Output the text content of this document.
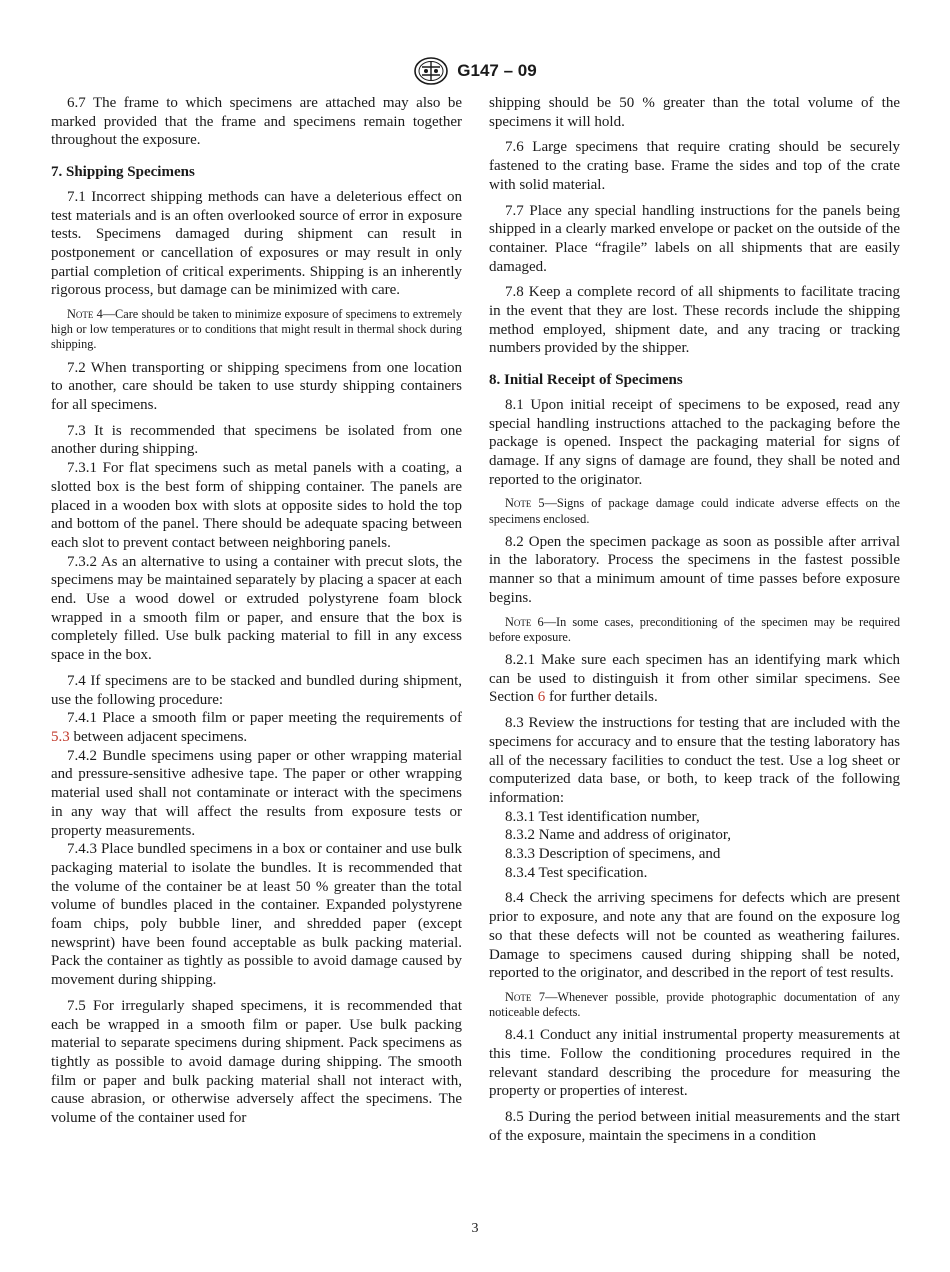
G147 – 09

6.7 The frame to which specimens are attached may also be marked provided that the frame and specimens remain together throughout the exposure.

7. Shipping Specimens

7.1 Incorrect shipping methods can have a deleterious effect on test materials and is an often overlooked source of error in exposure tests. Specimens damaged during shipment can result in postponement or cancellation of exposures or may result in only partial completion of critical experiments. Shipping is an inherently rigorous process, but damage can be minimized with care.

Note 4—Care should be taken to minimize exposure of specimens to extremely high or low temperatures or to conditions that might result in thermal shock during shipping.

7.2 When transporting or shipping specimens from one location to another, care should be taken to use sturdy shipping containers for all specimens.

7.3 It is recommended that specimens be isolated from one another during shipping.

7.3.1 For flat specimens such as metal panels with a coating, a slotted box is the best form of shipping container. The panels are placed in a wooden box with slots at opposite sides to hold the top and bottom of the panel. There should be adequate spacing between each slot to prevent contact between neighboring panels.

7.3.2 As an alternative to using a container with precut slots, the specimens may be maintained separately by placing a spacer at each end. Use a wood dowel or extruded polystyrene foam block wrapped in a smooth film or paper, and ensure that the box is completely filled. Use bulk packing material to fill in any excess space in the box.

7.4 If specimens are to be stacked and bundled during shipment, use the following procedure:

7.4.1 Place a smooth film or paper meeting the requirements of 5.3 between adjacent specimens.

7.4.2 Bundle specimens using paper or other wrapping material and pressure-sensitive adhesive tape. The paper or other wrapping material used shall not contaminate or interact with the specimens in any way that will affect the results from exposure tests or property measurements.

7.4.3 Place bundled specimens in a box or container and use bulk packaging material to isolate the bundles. It is recommended that the volume of the container be at least 50 % greater than the total volume of bundles placed in the container. Expanded polystyrene foam chips, poly bubble liner, and shredded paper (except newsprint) have been found acceptable as bulk packing material. Pack the container as tightly as possible to avoid damage caused by movement during shipping.

7.5 For irregularly shaped specimens, it is recommended that each be wrapped in a smooth film or paper. Use bulk packing material to separate specimens during shipment. Pack specimens as tightly as possible to avoid damage during shipping. The smooth film or paper and bulk packing material shall not interact with, cause abrasion, or otherwise adversely affect the specimens. The volume of the container used for

shipping should be 50 % greater than the total volume of the specimens it will hold.

7.6 Large specimens that require crating should be securely fastened to the crating base. Frame the sides and top of the crate with solid material.

7.7 Place any special handling instructions for the panels being shipped in a clearly marked envelope or packet on the outside of the container. Place “fragile” labels on all shipments that are easily damaged.

7.8 Keep a complete record of all shipments to facilitate tracing in the event that they are lost. These records include the shipping method employed, shipment date, and any tracing or tracking numbers provided by the shipper.

8. Initial Receipt of Specimens

8.1 Upon initial receipt of specimens to be exposed, read any special handling instructions attached to the packaging before the package is opened. Inspect the packaging material for signs of damage. If any signs of damage are found, they shall be noted and reported to the originator.

Note 5—Signs of package damage could indicate adverse effects on the specimens enclosed.

8.2 Open the specimen package as soon as possible after arrival in the laboratory. Process the specimens in the fastest possible manner so that a minimum amount of time passes before exposure begins.

Note 6—In some cases, preconditioning of the specimen may be required before exposure.

8.2.1 Make sure each specimen has an identifying mark which can be used to distinguish it from other similar specimens. See Section 6 for further details.

8.3 Review the instructions for testing that are included with the specimens for accuracy and to ensure that the testing laboratory has all of the necessary facilities to conduct the test. Use a log sheet or computerized data base, or both, to keep track of the following information:

8.3.1 Test identification number,

8.3.2 Name and address of originator,

8.3.3 Description of specimens, and

8.3.4 Test specification.

8.4 Check the arriving specimens for defects which are present prior to exposure, and note any that are found on the exposure log so that these defects will not be counted as weathering failures. Damage to specimens caused during shipping shall be noted, reported to the originator, and described in the report of test results.

Note 7—Whenever possible, provide photographic documentation of any noticeable defects.

8.4.1 Conduct any initial instrumental property measurements at this time. Follow the conditioning procedures required in the relevant standard describing the procedure for measuring the property or properties of interest.

8.5 During the period between initial measurements and the start of the exposure, maintain the specimens in a condition

3
